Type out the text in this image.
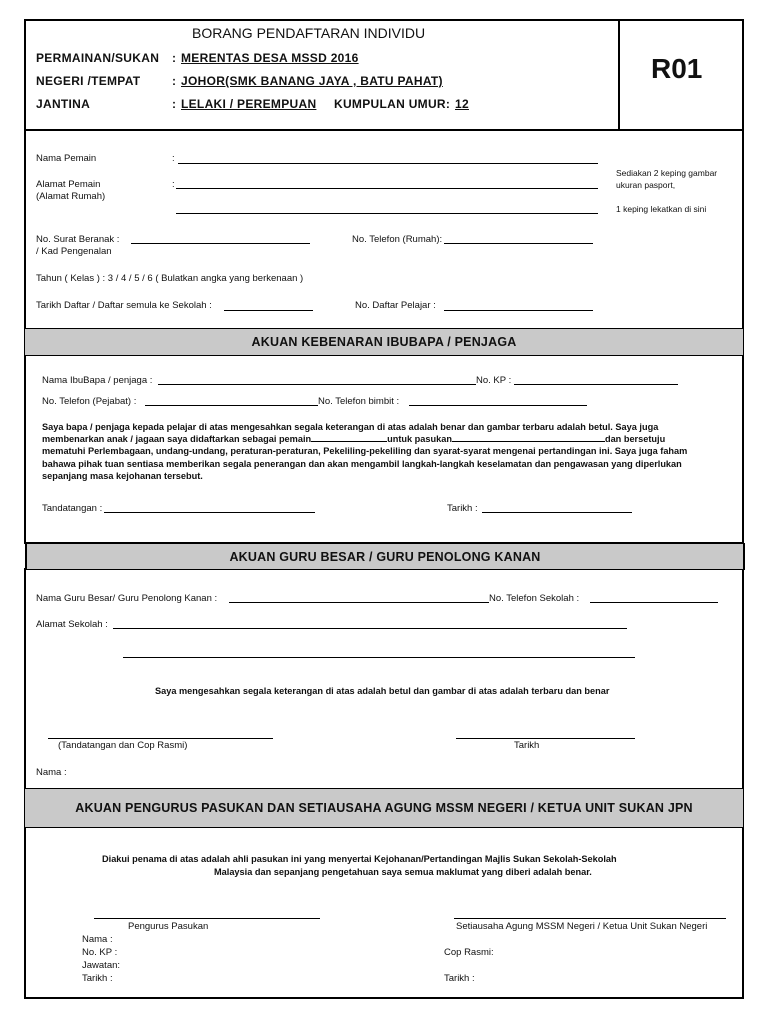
BORANG PENDAFTARAN INDIVIDU
R01
PERMAINAN/SUKAN : MERENTAS DESA MSSD 2016
NEGERI /TEMPAT	: JOHOR(SMK BANANG JAYA , BATU PAHAT)
JANTINA	: LELAKI / PEREMPUAN KUMPULAN UMUR: 12
Nama Pemain	:
Alamat Pemain
(Alamat Rumah)
:
Sediakan 2 keping gambar
ukuran pasport,
1 keping lekatkan di sini
No. Surat Beranak :
/ Kad Pengenalan
No. Telefon (Rumah):
Tahun ( Kelas ) : 3 / 4 / 5 / 6 ( Bulatkan angka yang berkenaan )
Tarikh Daftar / Daftar semula ke Sekolah :	No. Daftar Pelajar :
AKUAN KEBENARAN IBUBAPA / PENJAGA
Nama IbuBapa / penjaga :	No. KP :
No. Telefon (Pejabat) :	No. Telefon bimbit :
Saya bapa / penjaga kepada pelajar di atas mengesahkan segala keterangan di atas adalah benar dan gambar terbaru adalah betul. Saya juga
membenarkan anak / jagaan saya didaftarkan sebagai pemain	untuk pasukan	dan bersetuju
mematuhi Perlembagaan, undang-undang, peraturan-peraturan, Pekeliling-pekeliling dan syarat-syarat mengenai pertandingan ini. Saya juga faham
bahawa pihak tuan sentiasa memberikan segala penerangan dan akan mengambil langkah-langkah keselamatan dan pengawasan yang diperlukan
sepanjang masa kejohanan tersebut.
Tandatangan :	Tarikh :
AKUAN GURU BESAR / GURU PENOLONG KANAN
Nama Guru Besar/ Guru Penolong Kanan :	No. Telefon Sekolah :
Alamat Sekolah :
Saya mengesahkan segala keterangan di atas adalah betul dan gambar di atas adalah terbaru dan benar
(Tandatangan dan Cop Rasmi)	Tarikh
Nama :
AKUAN PENGURUS PASUKAN DAN SETIAUSAHA AGUNG MSSM NEGERI / KETUA UNIT SUKAN JPN
Diakui penama di atas adalah ahli pasukan ini yang menyertai Kejohanan/Pertandingan Majlis Sukan Sekolah-Sekolah
Malaysia dan sepanjang pengetahuan saya semua maklumat yang diberi adalah benar.
Pengurus Pasukan	Setiausaha Agung MSSM Negeri / Ketua Unit Sukan Negeri
Nama :
No. KP :
Jawatan:
Tarikh :
Cop Rasmi:
Tarikh :
